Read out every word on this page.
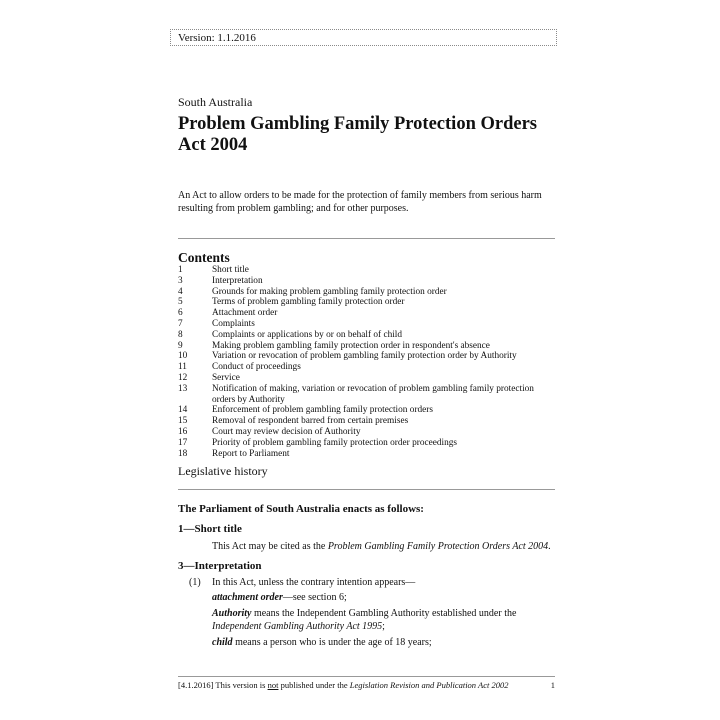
Version: 1.1.2016
South Australia
Problem Gambling Family Protection Orders
Act 2004
An Act to allow orders to be made for the protection of family members from serious harm
resulting from problem gambling; and for other purposes.
Contents
1	Short title
3	Interpretation
4	Grounds for making problem gambling family protection order
5	Terms of problem gambling family protection order
6	Attachment order
7	Complaints
8	Complaints or applications by or on behalf of child
9	Making problem gambling family protection order in respondent's absence
10	Variation or revocation of problem gambling family protection order by Authority
11	Conduct of proceedings
12	Service
13	Notification of making, variation or revocation of problem gambling family protection orders by Authority
14	Enforcement of problem gambling family protection orders
15	Removal of respondent barred from certain premises
16	Court may review decision of Authority
17	Priority of problem gambling family protection order proceedings
18	Report to Parliament
Legislative history
The Parliament of South Australia enacts as follows:
1—Short title
This Act may be cited as the Problem Gambling Family Protection Orders Act 2004.
3—Interpretation
(1) In this Act, unless the contrary intention appears—
attachment order—see section 6;
Authority means the Independent Gambling Authority established under the
Independent Gambling Authority Act 1995;
child means a person who is under the age of 18 years;
[4.1.2016] This version is not published under the Legislation Revision and Publication Act 2002	1
